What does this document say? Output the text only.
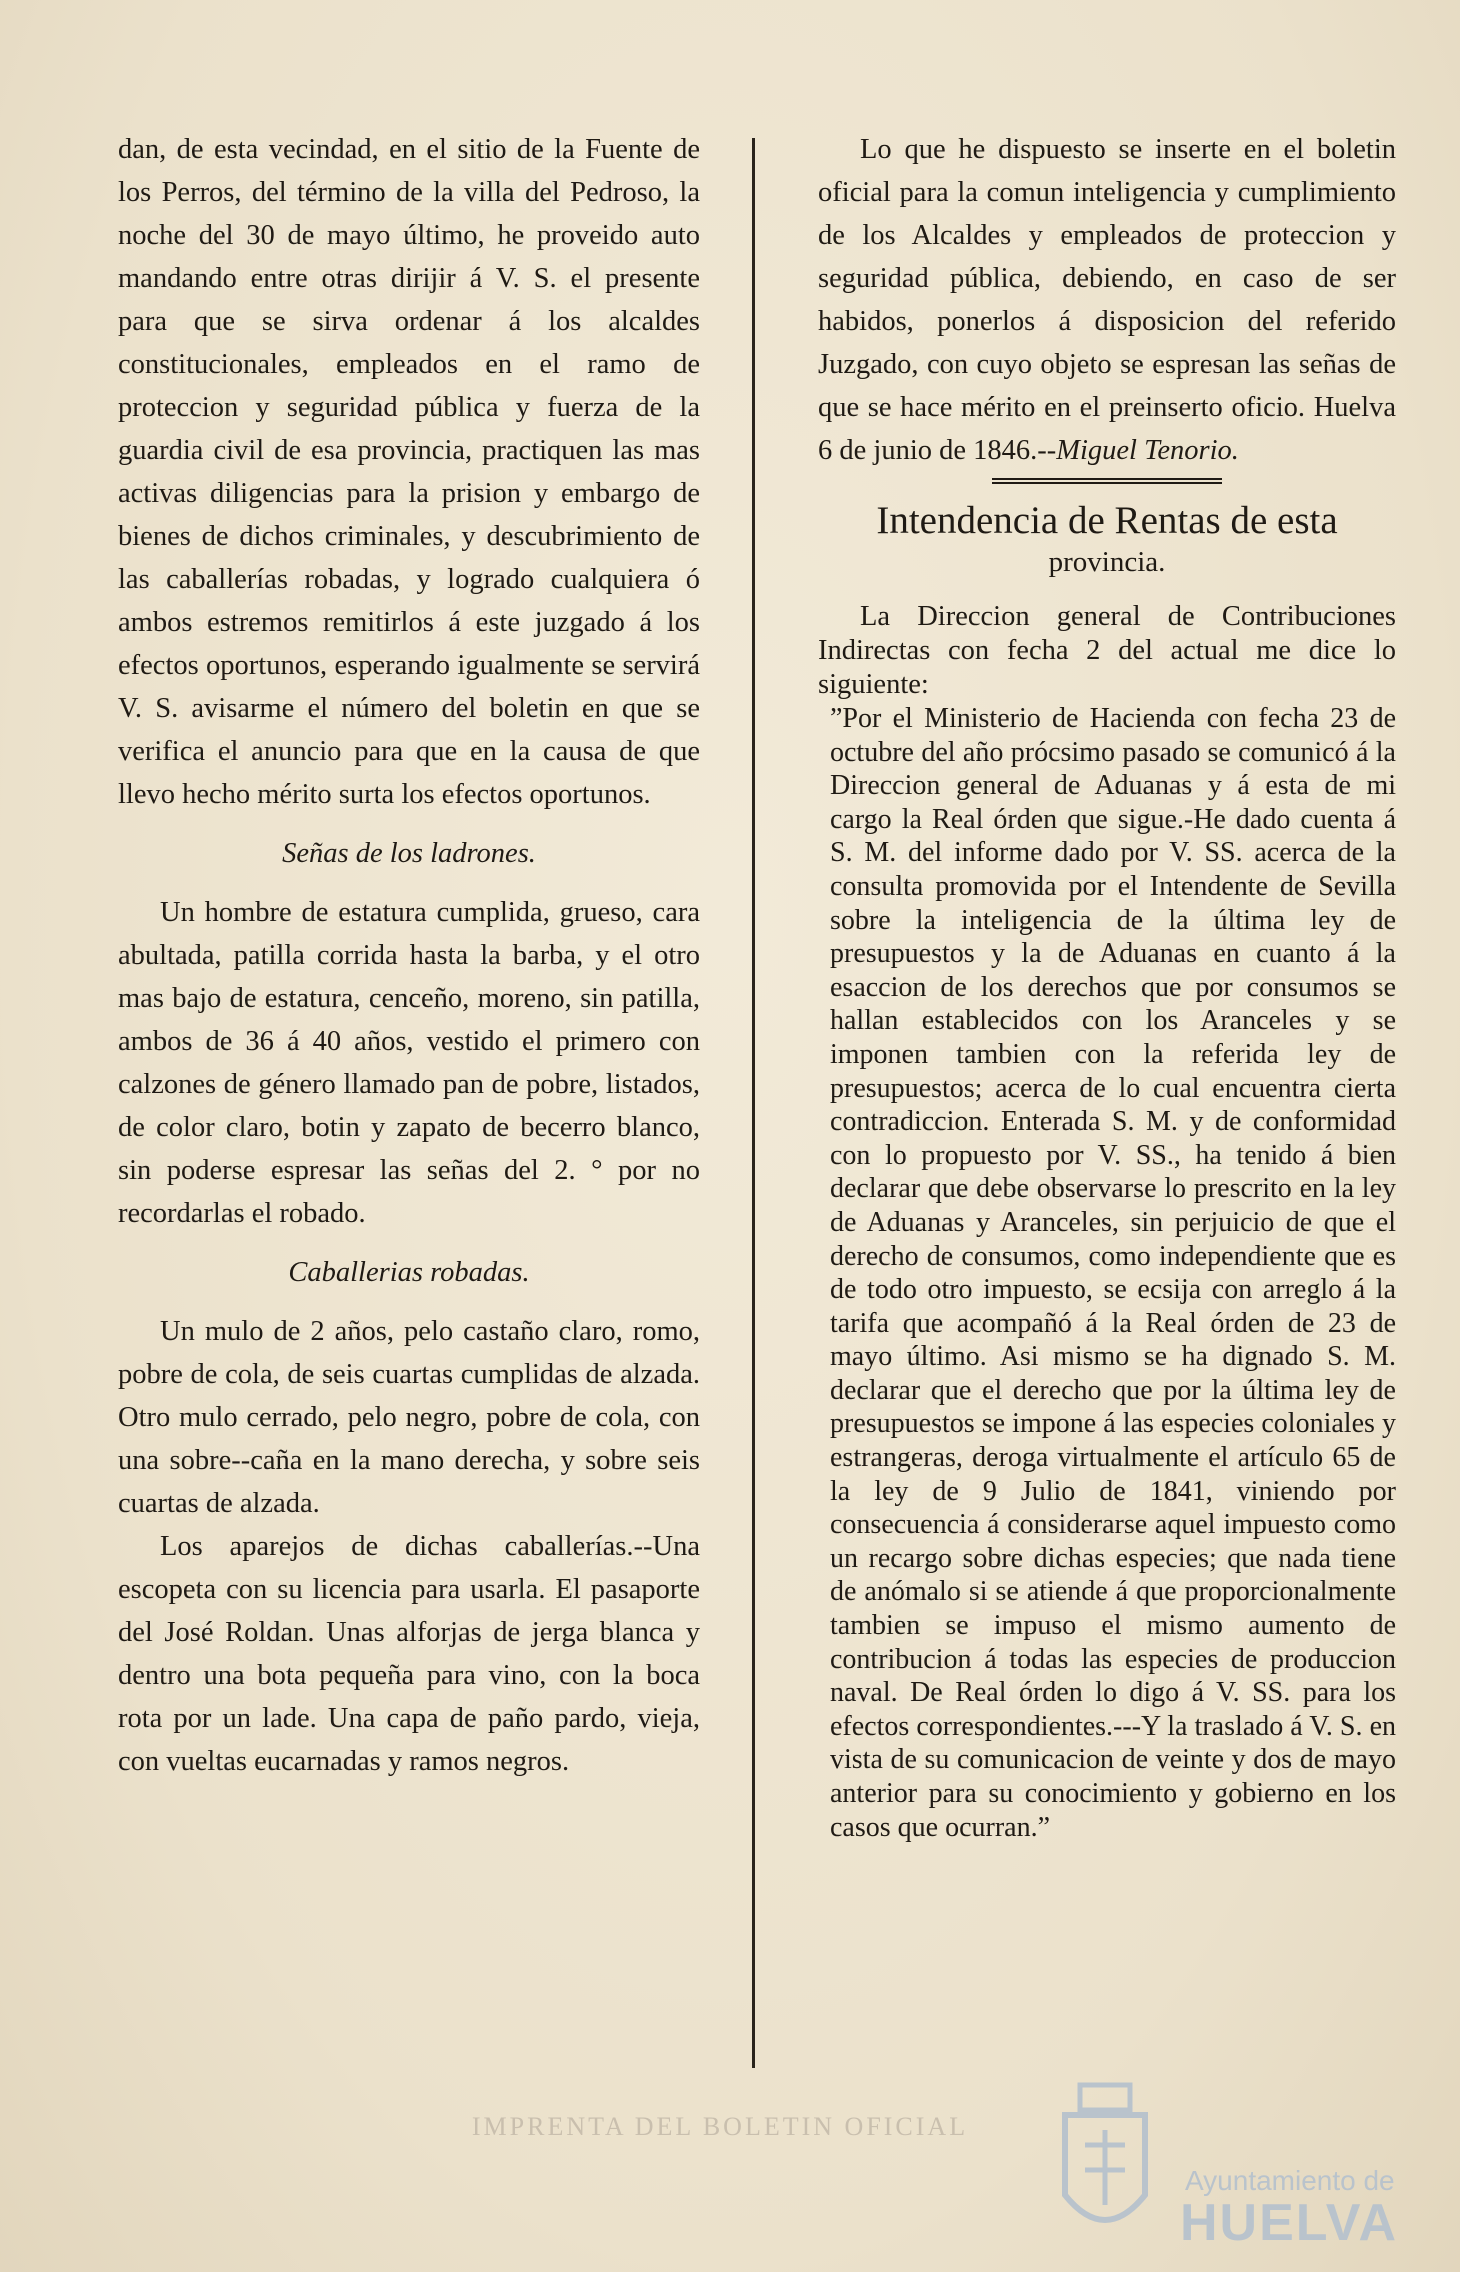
dan, de esta vecindad, en el sitio de la Fuente de los Perros, del término de la villa del Pedroso, la noche del 30 de mayo último, he proveido auto mandando entre otras dirijir á V. S. el presente para que se sirva ordenar á los alcaldes constitucionales, empleados en el ramo de proteccion y seguridad pública y fuerza de la guardia civil de esa provincia, practiquen las mas activas diligencias para la prision y embargo de bienes de dichos criminales, y descubrimiento de las caballerías robadas, y logrado cualquiera ó ambos estremos remitirlos á este juzgado á los efectos oportunos, esperando igualmente se servirá V. S. avisarme el número del boletin en que se verifica el anuncio para que en la causa de que llevo hecho mérito surta los efectos oportunos.

Señas de los ladrones.

Un hombre de estatura cumplida, grueso, cara abultada, patilla corrida hasta la barba, y el otro mas bajo de estatura, cenceño, moreno, sin patilla, ambos de 36 á 40 años, vestido el primero con calzones de género llamado pan de pobre, listados, de color claro, botin y zapato de becerro blanco, sin poderse espresar las señas del 2. ° por no recordarlas el robado.

Caballerias robadas.

Un mulo de 2 años, pelo castaño claro, romo, pobre de cola, de seis cuartas cumplidas de alzada. Otro mulo cerrado, pelo negro, pobre de cola, con una sobre--caña en la mano derecha, y sobre seis cuartas de alzada.

Los aparejos de dichas caballerías.--Una escopeta con su licencia para usarla. El pasaporte del José Roldan. Unas alforjas de jerga blanca y dentro una bota pequeña para vino, con la boca rota por un lade. Una capa de paño pardo, vieja, con vueltas eucarnadas y ramos negros.

Lo que he dispuesto se inserte en el boletin oficial para la comun inteligencia y cumplimiento de los Alcaldes y empleados de proteccion y seguridad pública, debiendo, en caso de ser habidos, ponerlos á disposicion del referido Juzgado, con cuyo objeto se espresan las señas de que se hace mérito en el preinserto oficio. Huelva 6 de junio de 1846.--Miguel Tenorio.

Intendencia de Rentas de esta

provincia.

La Direccion general de Contribuciones Indirectas con fecha 2 del actual me dice lo siguiente:

”Por el Ministerio de Hacienda con fecha 23 de octubre del año prócsimo pasado se comunicó á la Direccion general de Aduanas y á esta de mi cargo la Real órden que sigue.-He dado cuenta á S. M. del informe dado por V. SS. acerca de la consulta promovida por el Intendente de Sevilla sobre la inteligencia de la última ley de presupuestos y la de Aduanas en cuanto á la esaccion de los derechos que por consumos se hallan establecidos con los Aranceles y se imponen tambien con la referida ley de presupuestos; acerca de lo cual encuentra cierta contradiccion. Enterada S. M. y de conformidad con lo propuesto por V. SS., ha tenido á bien declarar que debe observarse lo prescrito en la ley de Aduanas y Aranceles, sin perjuicio de que el derecho de consumos, como independiente que es de todo otro impuesto, se ecsija con arreglo á la tarifa que acompañó á la Real órden de 23 de mayo último. Asi mismo se ha dignado S. M. declarar que el derecho que por la última ley de presupuestos se impone á las especies coloniales y estrangeras, deroga virtualmente el artículo 65 de la ley de 9 Julio de 1841, viniendo por consecuencia á considerarse aquel impuesto como un recargo sobre dichas especies; que nada tiene de anómalo si se atiende á que proporcionalmente tambien se impuso el mismo aumento de contribucion á todas las especies de produccion naval. De Real órden lo digo á V. SS. para los efectos correspondientes.---Y la traslado á V. S. en vista de su comunicacion de veinte y dos de mayo anterior para su conocimiento y gobierno en los casos que ocurran.”

IMPRENTA DEL BOLETIN OFICIAL
Ayuntamiento de
HUELVA
